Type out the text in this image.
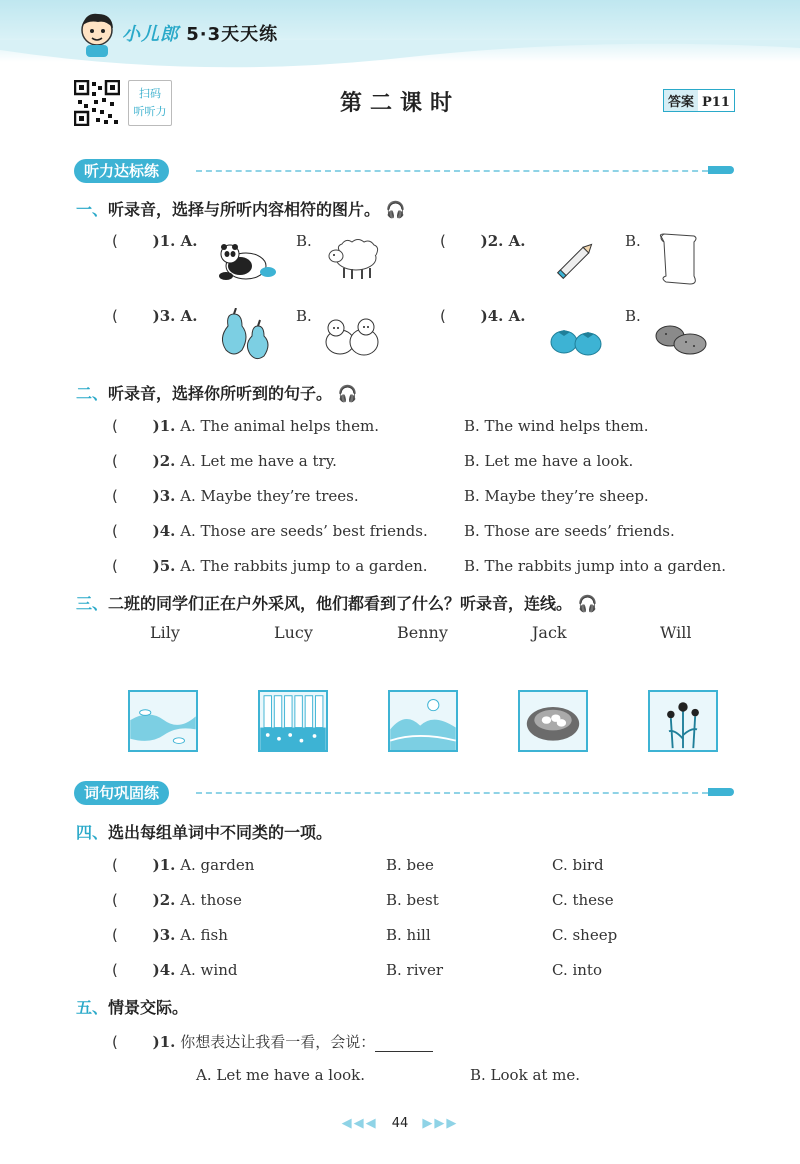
小儿郎 5·3天天练
扫码
听听力	第二课时	答案 P11
听力达标练
一、听录音，选择与所听内容相符的图片。 🎧
( )1. A.	B.	( )2. A.	B.
( )3. A.	B.	( )4. A.	B.
二、听录音，选择你所听到的句子。 🎧
( )1. A. The animal helps them.	B. The wind helps them.
( )2. A. Let me have a try.	B. Let me have a look.
( )3. A. Maybe they’re trees.	B. Maybe they’re sheep.
( )4. A. Those are seeds’ best friends. B. Those are seeds’ friends.
( )5. A. The rabbits jump to a garden. B. The rabbits jump into a garden.
三、二班的同学们正在户外采风，他们都看到了什么？听录音，连线。 🎧
Lily	Lucy	Benny	Jack	Will
词句巩固练
四、选出每组单词中不同类的一项。
( )1. A. garden	B. bee	C. bird
( )2. A. those	B. best	C. these
( )3. A. fish	B. hill	C. sheep
( )4. A. wind	B. river	C. into
五、情景交际。
( )1. 你想表达让我看一看，会说：
A. Let me have a look.	B. Look at me.
◀◀◀ 44 ▶▶▶
